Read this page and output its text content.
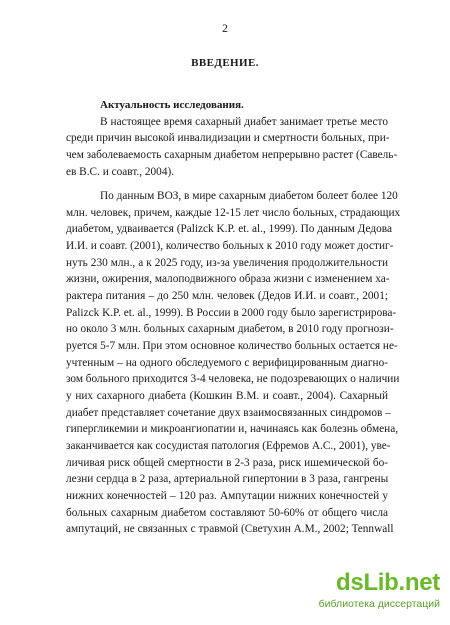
2
ВВЕДЕНИЕ.
Актуальность исследования.
В настоящее время сахарный диабет занимает третье место
среди причин высокой инвалидизации и смертности больных, при-
чем заболеваемость сахарным диабетом непрерывно растет (Савель-
ев В.С. и соавт., 2004).
По данным ВОЗ, в мире сахарным диабетом болеет более 120
млн. человек, причем, каждые 12-15 лет число больных, страдающих
диабетом, удваивается (Palizck K.P. et. al., 1999). По данным Дедова
И.И. и соавт. (2001), количество больных к 2010 году может достиг-
нуть 230 млн., а к 2025 году, из-за увеличения продолжительности
жизни, ожирения, малоподвижного образа жизни с изменением ха-
рактера питания – до 250 млн. человек (Дедов И.И. и соавт., 2001;
Palizck K.P. et. al., 1999). В России в 2000 году было зарегистрирова-
но около 3 млн. больных сахарным диабетом, в 2010 году прогнози-
руется 5-7 млн. При этом основное количество больных остается не-
учтенным – на одного обследуемого с верифицированным диагно-
зом больного приходится 3-4 человека, не подозревающих о наличии
у них сахарного диабета (Кошкин В.М. и соавт., 2004). Сахарный
диабет представляет сочетание двух взаимосвязанных синдромов –
гипергликемии и микроангиопатии и, начинаясь как болезнь обмена,
заканчивается как сосудистая патология (Ефремов А.С., 2001), уве-
личивая риск общей смертности в 2-3 раза, риск ишемической бо-
лезни сердца в 2 раза, артериальной гипертонии в 3 раза, гангрены
нижних конечностей – 120 раз. Ампутации нижних конечностей у
больных сахарным диабетом составляют 50-60% от общего числа
ампутаций, не связанных с травмой (Светухин А.М., 2002; Tennwall
dsLib.net
библиотека диссертаций
